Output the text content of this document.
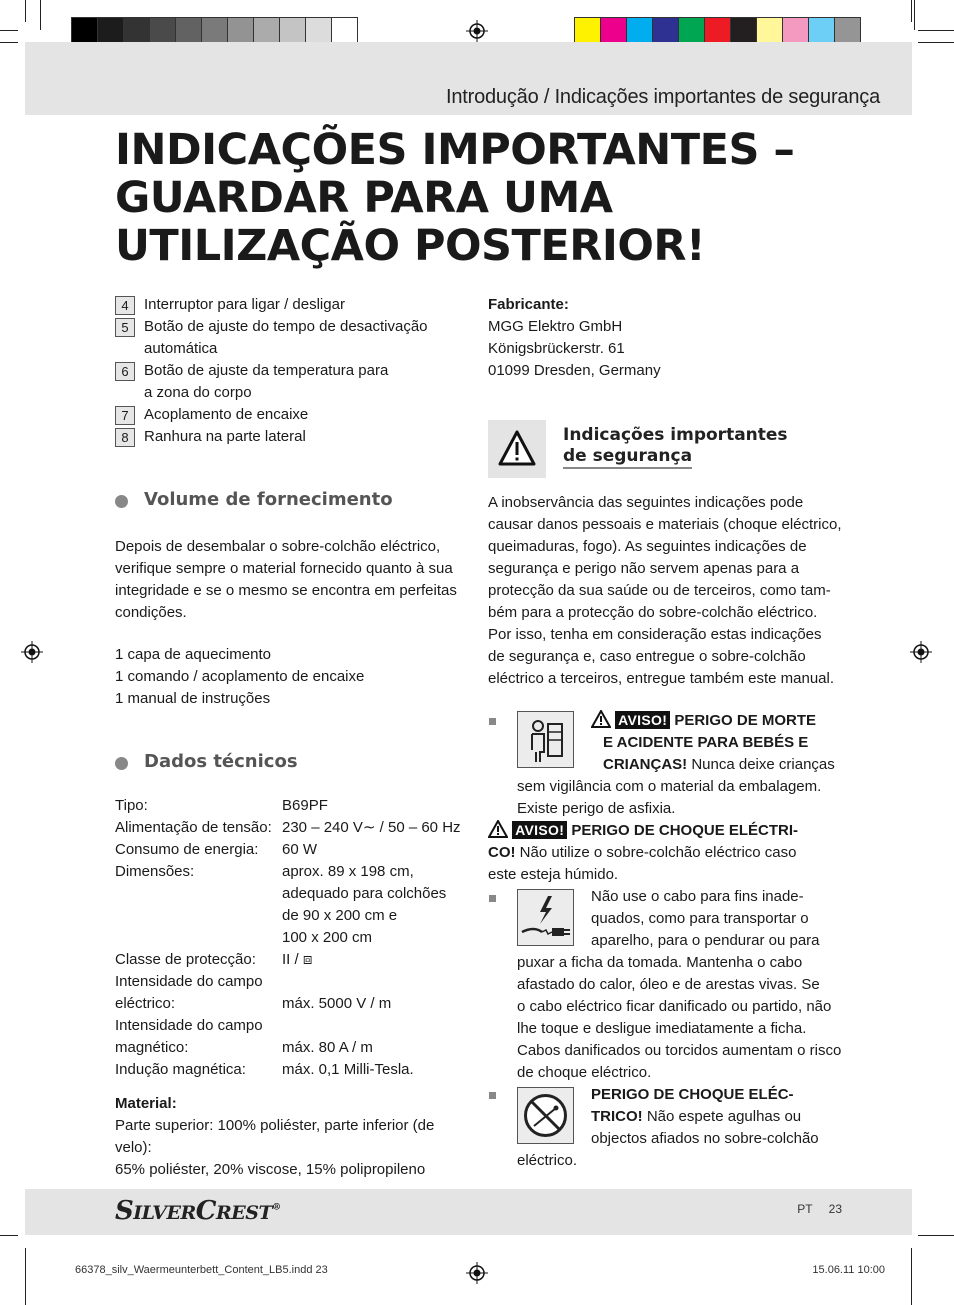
Introdução / Indicações importantes de segurança
INDICAÇÕES IMPORTANTES –
GUARDAR PARA UMA
UTILIZAÇÃO POSTERIOR!
4	Interruptor para ligar / desligar
5	Botão de ajuste do tempo de desactivação
automática
6	Botão de ajuste da temperatura para
a zona do corpo
7	Acoplamento de encaixe
8	Ranhura na parte lateral
Volume de fornecimento
Depois de desembalar o sobre-colchão eléctrico,
verifique sempre o material fornecido quanto à sua
integridade e se o mesmo se encontra em perfeitas
condições.
1 capa de aquecimento
1 comando / acoplamento de encaixe
1 manual de instruções
Dados técnicos
Tipo:	B69PF
Alimentação de tensão:	230 – 240 V∼ / 50 – 60 Hz
Consumo de energia:	60 W
Dimensões:	aprox. 89 x 198 cm,
adequado para colchões
de 90 x 200 cm e
100 x 200 cm

Classe de protecção:	II / ⧈

Intensidade do campo
eléctrico:	máx. 5000 V / m

Intensidade do campo
magnético:	máx. 80 A / m

Indução magnética:	máx. 0,1 Milli-Tesla.
Material:
Parte superior: 100% poliéster, parte inferior (de velo):
65% poliéster, 20% viscose, 15% polipropileno
Fabricante:
MGG Elektro GmbH
Königsbrückerstr. 61
01099 Dresden, Germany
Indicações importantes
de segurança
A inobservância das seguintes indicações pode
causar danos pessoais e materiais (choque eléctrico,
queimaduras, fogo). As seguintes indicações de
segurança e perigo não servem apenas para a
protecção da sua saúde ou de terceiros, como tam-
bém para a protecção do sobre-colchão eléctrico.
Por isso, tenha em consideração estas indicações
de segurança e, caso entregue o sobre-colchão
eléctrico a terceiros, entregue também este manual.
AVISO! PERIGO DE MORTE
E ACIDENTE PARA BEBÉS E
CRIANÇAS! Nunca deixe crianças
sem vigilância com o material da embalagem.
Existe perigo de asfixia.
AVISO! PERIGO DE CHOQUE ELÉCTRI-
CO! Não utilize o sobre-colchão eléctrico caso
este esteja húmido.
Não use o cabo para fins inade-
quados, como para transportar o
aparelho, para o pendurar ou para
puxar a ficha da tomada. Mantenha o cabo
afastado do calor, óleo e de arestas vivas. Se
o cabo eléctrico ficar danificado ou partido, não
lhe toque e desligue imediatamente a ficha.
Cabos danificados ou torcidos aumentam o risco
de choque eléctrico.
PERIGO DE CHOQUE ELÉC-
TRICO! Não espete agulhas ou
objectos afiados no sobre-colchão
eléctrico.
SILVERCREST®	PT 23
66378_silv_Waermeunterbett_Content_LB5.indd 23	15.06.11 10:00
